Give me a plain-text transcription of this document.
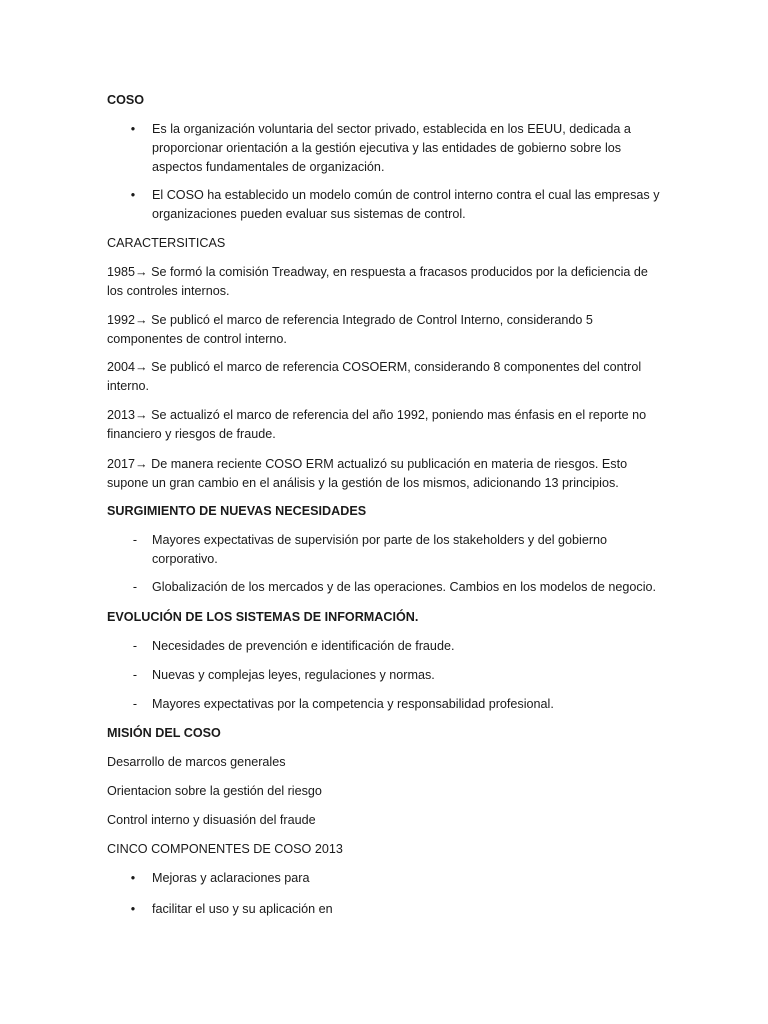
COSO

•	Es la organización voluntaria del sector privado, establecida en los EEUU, dedicada a proporcionar orientación a la gestión ejecutiva y las entidades de gobierno sobre los aspectos fundamentales de organización.

•	El COSO ha establecido un modelo común de control interno contra el cual las empresas y organizaciones pueden evaluar sus sistemas de control.

CARACTERSITICAS

1985→ Se formó la comisión Treadway, en respuesta a fracasos producidos por la deficiencia de los controles internos.

1992→ Se publicó el marco de referencia Integrado de Control Interno, considerando 5 componentes de control interno.

2004→ Se publicó el marco de referencia COSOERM, considerando 8 componentes del control interno.

2013→ Se actualizó el marco de referencia del año 1992, poniendo mas énfasis en el reporte no financiero y riesgos de fraude.

2017→ De manera reciente COSO ERM actualizó su publicación en materia de riesgos. Esto supone un gran cambio en el análisis y la gestión de los mismos, adicionando 13 principios.

SURGIMIENTO DE NUEVAS NECESIDADES

-	Mayores expectativas de supervisión por parte de los stakeholders y del gobierno corporativo.

-	Globalización de los mercados y de las operaciones. Cambios en los modelos de negocio.

EVOLUCIÓN DE LOS SISTEMAS DE INFORMACIÓN.

-	Necesidades de prevención e identificación de fraude.

-	Nuevas y complejas leyes, regulaciones y normas.

-	Mayores expectativas por la competencia y responsabilidad profesional.

MISIÓN DEL COSO

Desarrollo de marcos generales

Orientacion sobre la gestión del riesgo

Control interno y disuasión del fraude

CINCO COMPONENTES DE COSO 2013

•	Mejoras y aclaraciones para

•	facilitar el uso y su aplicación en
